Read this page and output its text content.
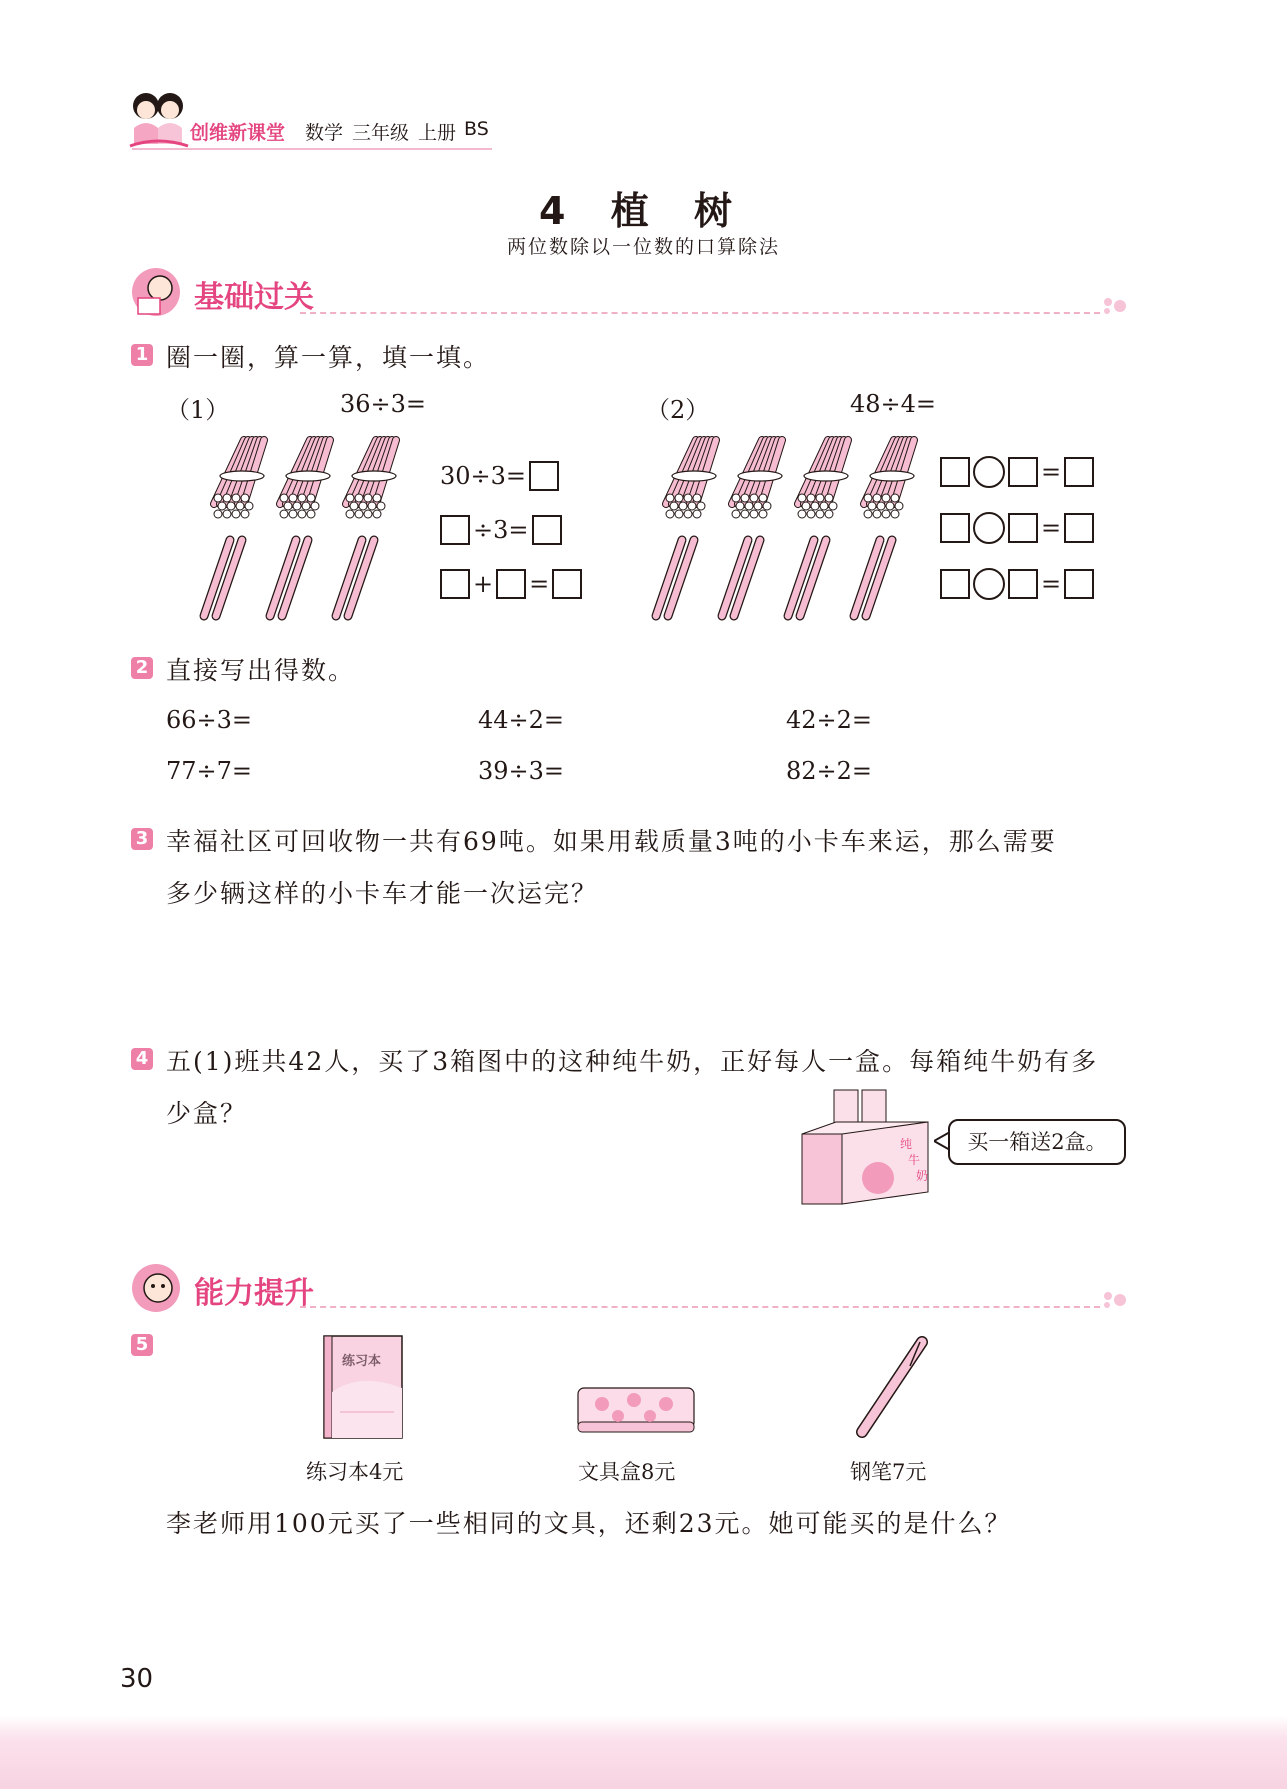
创维新课堂 数学 三年级 上册 BS
4 植 树
两位数除以一位数的口算除法
基础过关
1 圈一圈，算一算，填一填。
（1）	36÷3=	（2）	48÷4=
30÷3=
÷3=
+ =
=
=
=
2 直接写出得数。
66÷3=	44÷2=	42÷2=
77÷7=	39÷3=	82÷2=
3 幸福社区可回收物一共有69吨。如果用载质量3吨的小卡车来运，那么需要
多少辆这样的小卡车才能一次运完？
4 五(1)班共42人，买了3箱图中的这种纯牛奶，正好每人一盒。每箱纯牛奶有多
少盒？
纯牛奶
买一箱送2盒。
能力提升
5
练习本
练习本4元	文具盒8元	钢笔7元
李老师用100元买了一些相同的文具，还剩23元。她可能买的是什么？
30
